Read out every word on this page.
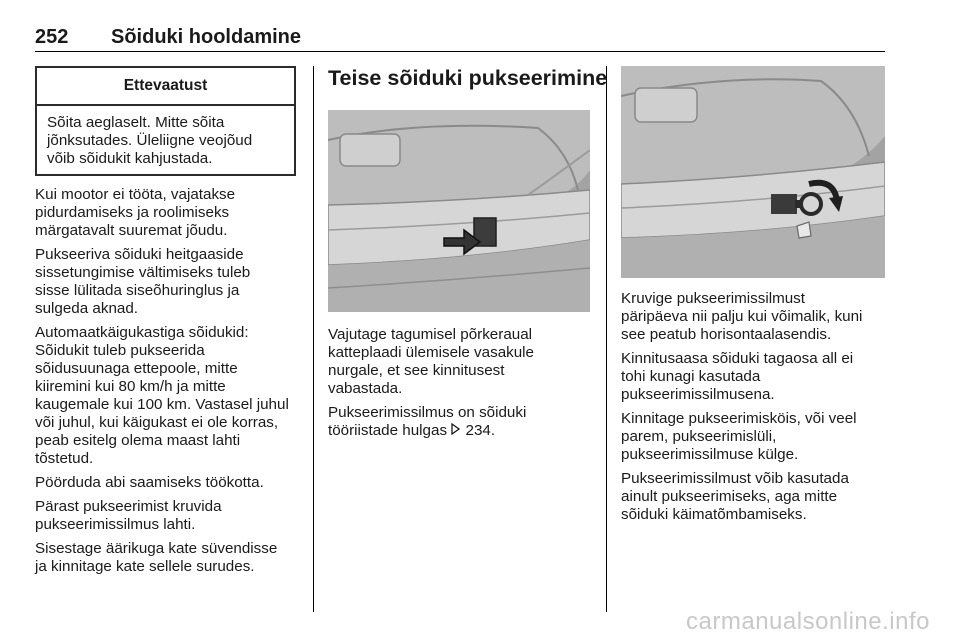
252 Sõiduki hooldamine
Ettevaatust
Sõita aeglaselt. Mitte sõita
jõnksutades. Üleliigne veojõud
võib sõidukit kahjustada.

Kui mootor ei tööta, vajatakse
pidurdamiseks ja roolimiseks
märgatavalt suuremat jõudu.

Pukseeriva sõiduki heitgaaside
sissetungimise vältimiseks tuleb
sisse lülitada siseõhuringlus ja
sulgeda aknad.

Automaatkäigukastiga sõidukid:
Sõidukit tuleb pukseerida
sõidusuunaga ettepoole, mitte
kiiremini kui 80 km/h ja mitte
kaugemale kui 100 km. Vastasel juhul
või juhul, kui käigukast ei ole korras,
peab esitelg olema maast lahti
tõstetud.

Pöörduda abi saamiseks töökotta.

Pärast pukseerimist kruvida
pukseerimissilmus lahti.

Sisestage äärikuga kate süvendisse
ja kinnitage kate sellele surudes.

Teise sõiduki pukseerimine

Vajutage tagumisel põrkeraual
katteplaadi ülemisele vasakule
nurgale, et see kinnitusest
vabastada.

Pukseerimissilmus on sõiduki
tööriistade hulgas 234.

Kruvige pukseerimissilmust
päripäeva nii palju kui võimalik, kuni
see peatub horisontaalasendis.

Kinnitusaasa sõiduki tagaosa all ei
tohi kunagi kasutada
pukseerimissilmusena.

Kinnitage pukseerimisköis, või veel
parem, pukseerimislüli,
pukseerimissilmuse külge.

Pukseerimissilmust võib kasutada
ainult pukseerimiseks, aga mitte
sõiduki käimatõmbamiseks.

carmanualsonline.info
